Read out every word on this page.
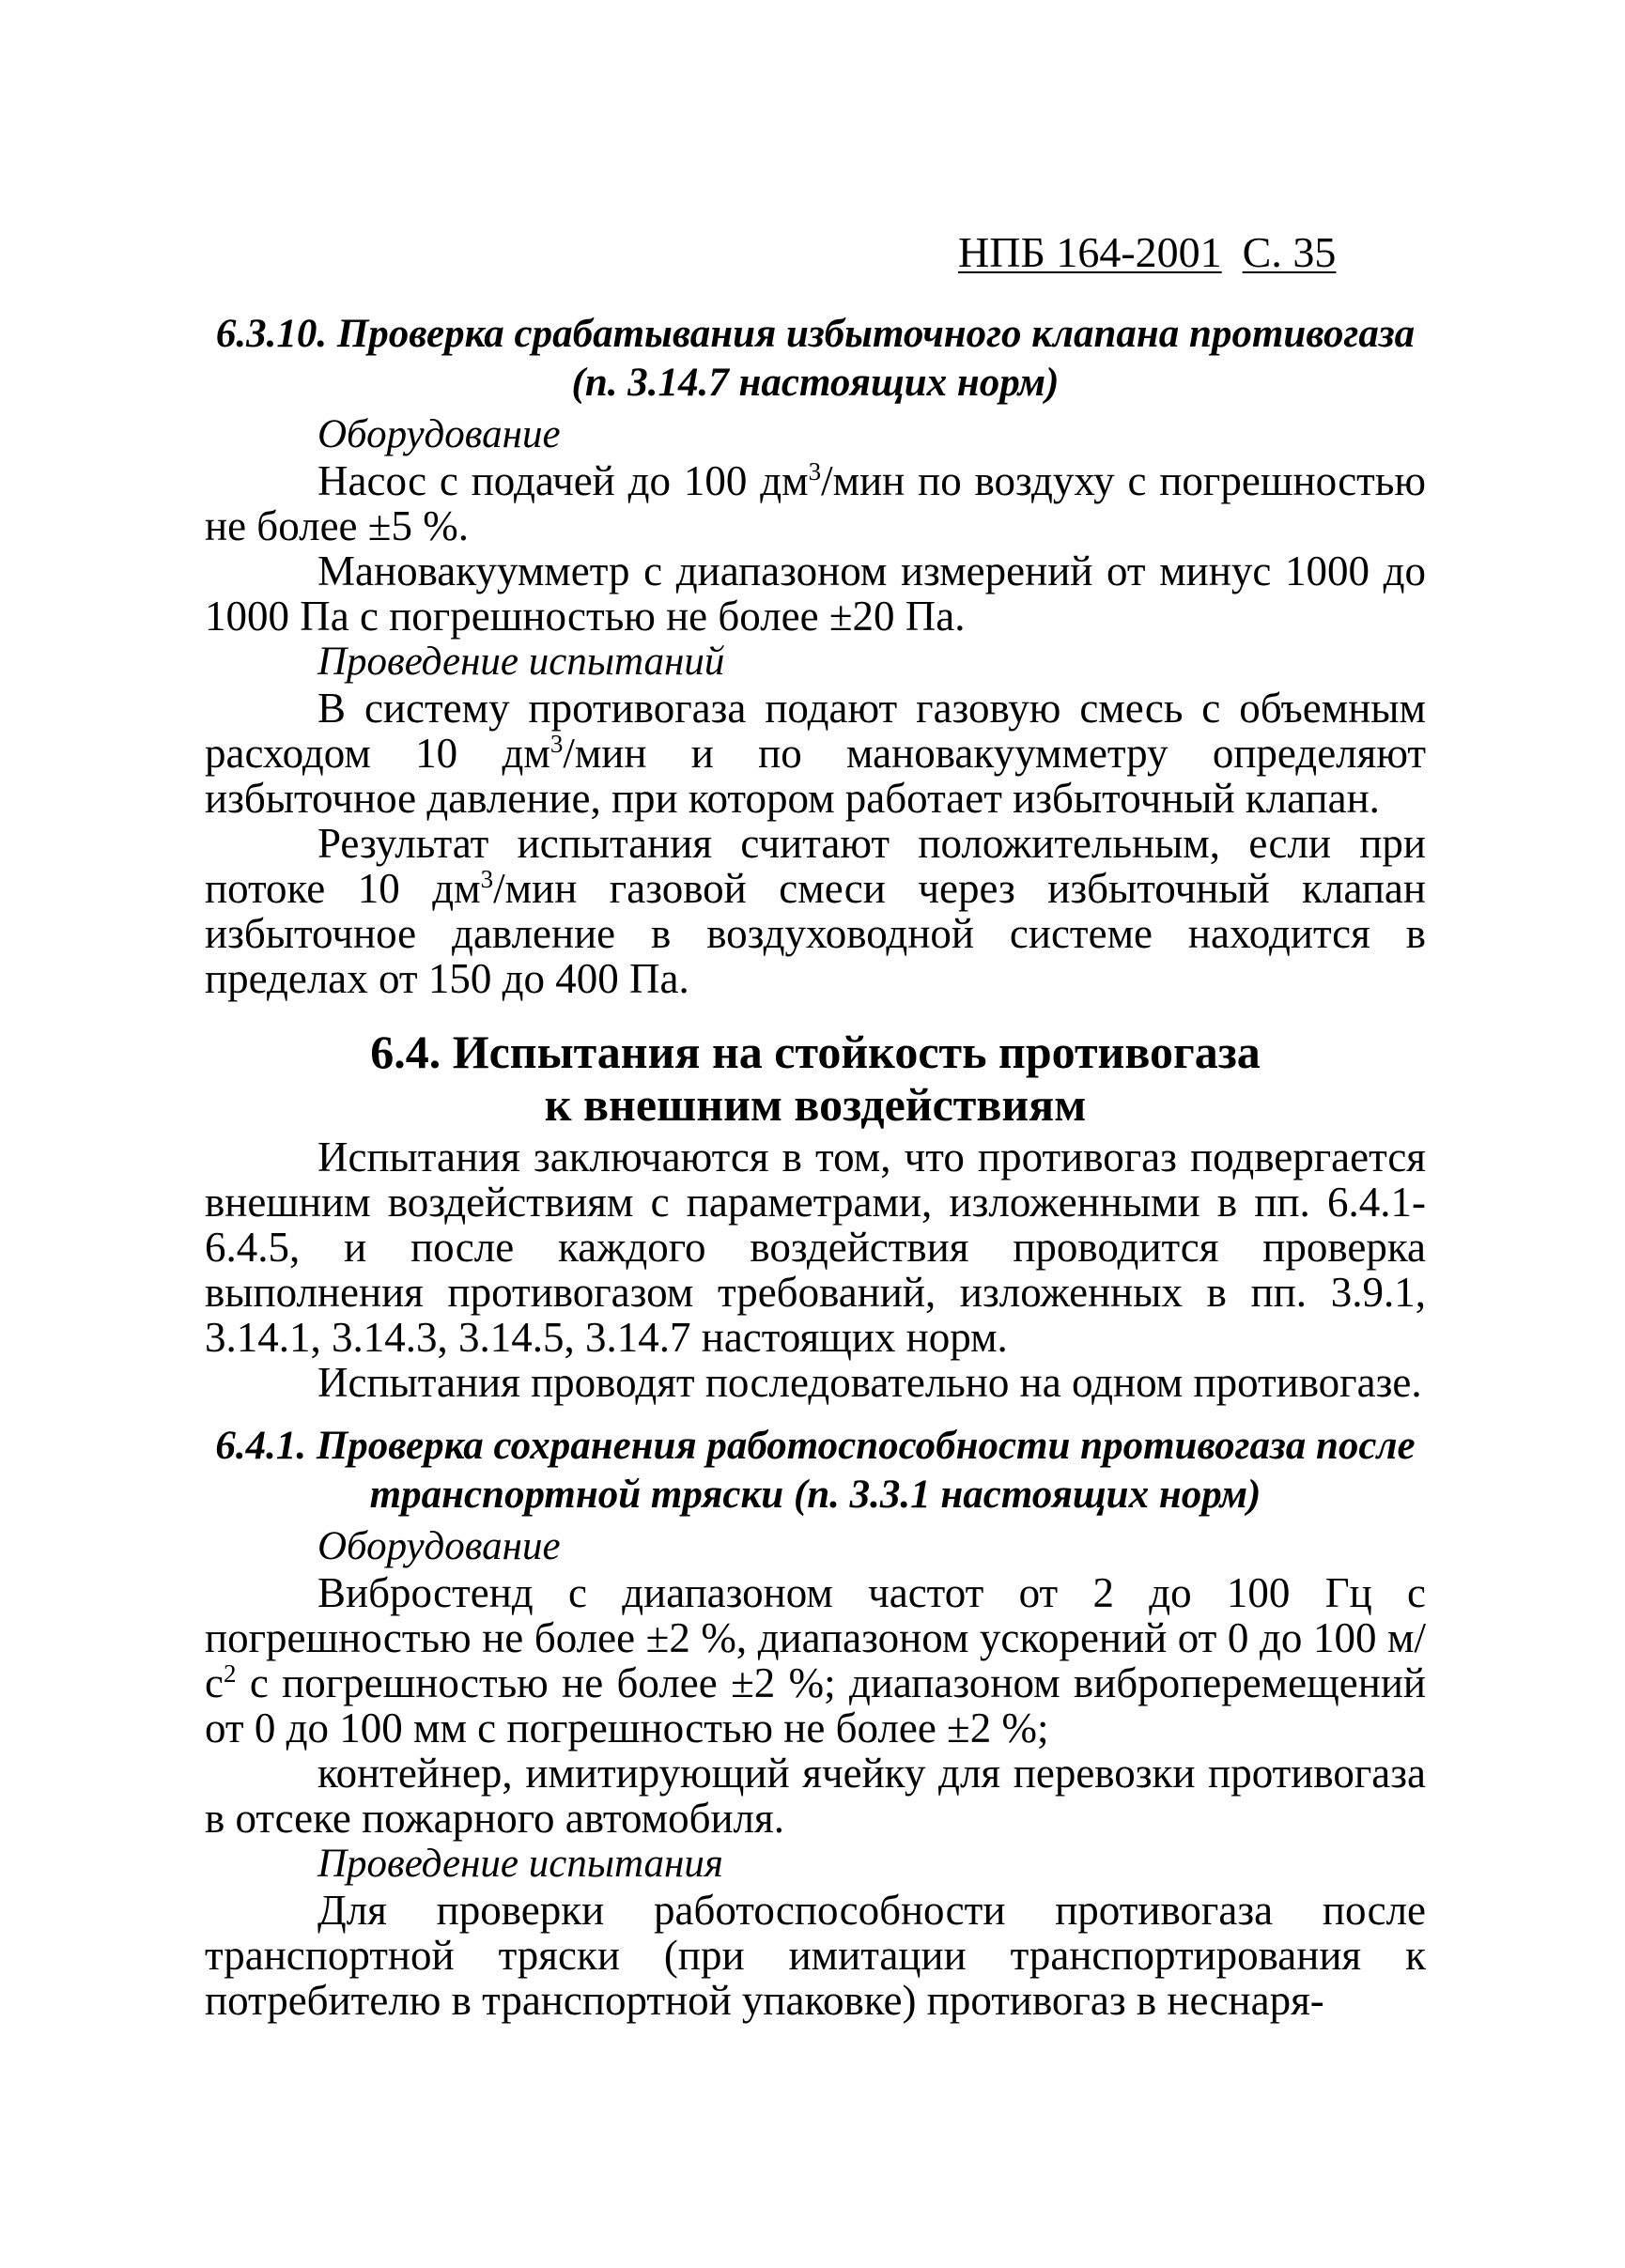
НПБ 164-2001 С. 35
6.3.10. Проверка срабатывания избыточного клапана противогаза
(п. 3.14.7 настоящих норм)
Оборудование
Насос с подачей до 100 $дм^3$/мин по воздуху с погрешностью не более ±5 %.
Мановакуумметр с диапазоном измерений от минус 1000 до 1000 Па с погрешностью не более ±20 Па.
Проведение испытаний
В систему противогаза подают газовую смесь с объемным расходом 10 $дм^3$/мин и по мановакуумметру определяют избыточное давление, при котором работает избыточный клапан.
Результат испытания считают положительным, если при потоке 10 $дм^3$/мин газовой смеси через избыточный клапан избыточное давление в воздуховодной системе находится в пределах от 150 до 400 Па.
6.4. Испытания на стойкость противогаза
к внешним воздействиям
Испытания заключаются в том, что противогаз подвергается внешним воздействиям с параметрами, изложенными в пп. 6.4.1-6.4.5, и после каждого воздействия проводится проверка выполнения противогазом требований, изложенных в пп. 3.9.1, 3.14.1, 3.14.3, 3.14.5, 3.14.7 настоящих норм.
Испытания проводят последовательно на одном противогазе.
6.4.1. Проверка сохранения работоспособности противогаза после
транспортной тряски (п. 3.3.1 настоящих норм)
Оборудование
Вибростенд с диапазоном частот от 2 до 100 Гц с погрешностью не более ±2 %, диапазоном ускорений от 0 до 100 $м/с^2$ с погрешностью не более ±2 %; диапазоном виброперемещений от 0 до 100 мм с погрешностью не более ±2 %;
контейнер, имитирующий ячейку для перевозки противогаза в отсеке пожарного автомобиля.
Проведение испытания
Для проверки работоспособности противогаза после транспортной тряски (при имитации транспортирования к потребителю в транспортной упаковке) противогаз в неснаря-
